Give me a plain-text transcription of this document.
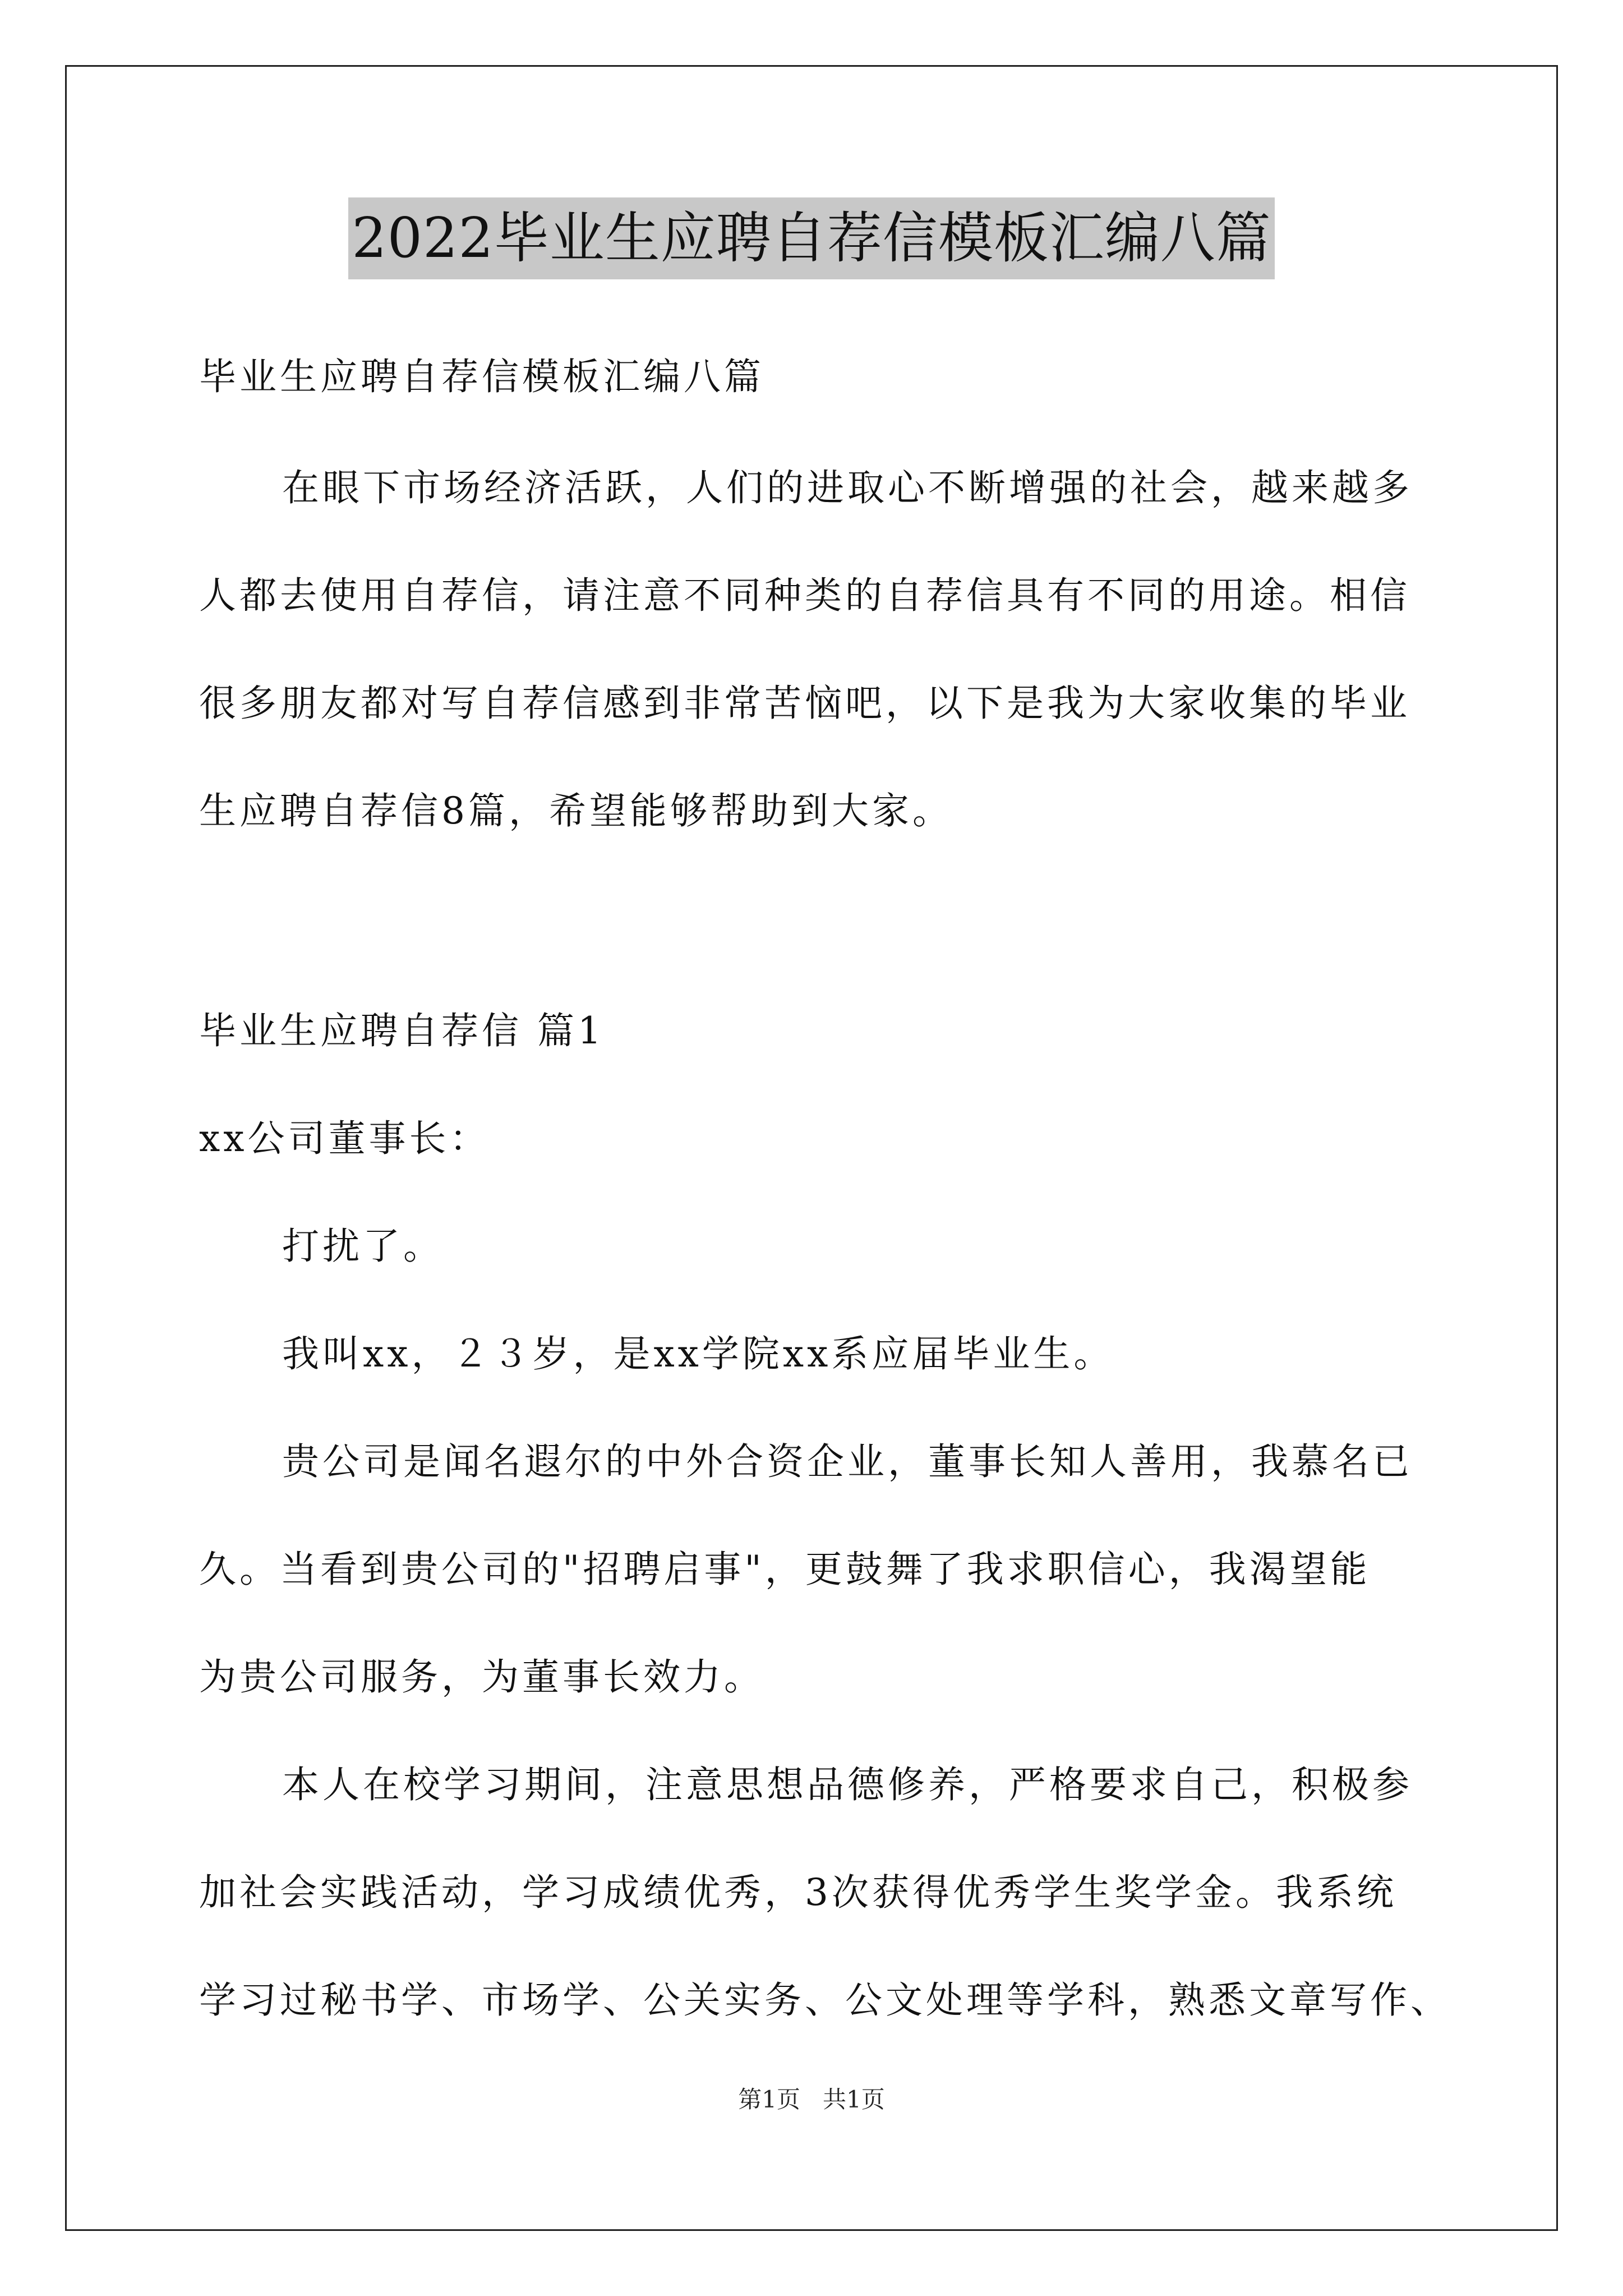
2022毕业生应聘自荐信模板汇编八篇
毕业生应聘自荐信模板汇编八篇
在眼下市场经济活跃，人们的进取心不断增强的社会，越来越多
人都去使用自荐信，请注意不同种类的自荐信具有不同的用途。相信
很多朋友都对写自荐信感到非常苦恼吧，以下是我为大家收集的毕业
生应聘自荐信8篇，希望能够帮助到大家。
毕业生应聘自荐信 篇1
xx公司董事长：
打扰了。
我叫xx，２３岁，是xx学院xx系应届毕业生。
贵公司是闻名遐尔的中外合资企业，董事长知人善用，我慕名已
久。当看到贵公司的"招聘启事"，更鼓舞了我求职信心，我渴望能
为贵公司服务，为董事长效力。
本人在校学习期间，注意思想品德修养，严格要求自己，积极参
加社会实践活动，学习成绩优秀，3次获得优秀学生奖学金。我系统
学习过秘书学、市场学、公关实务、公文处理等学科，熟悉文章写作、
第1页   共1页
